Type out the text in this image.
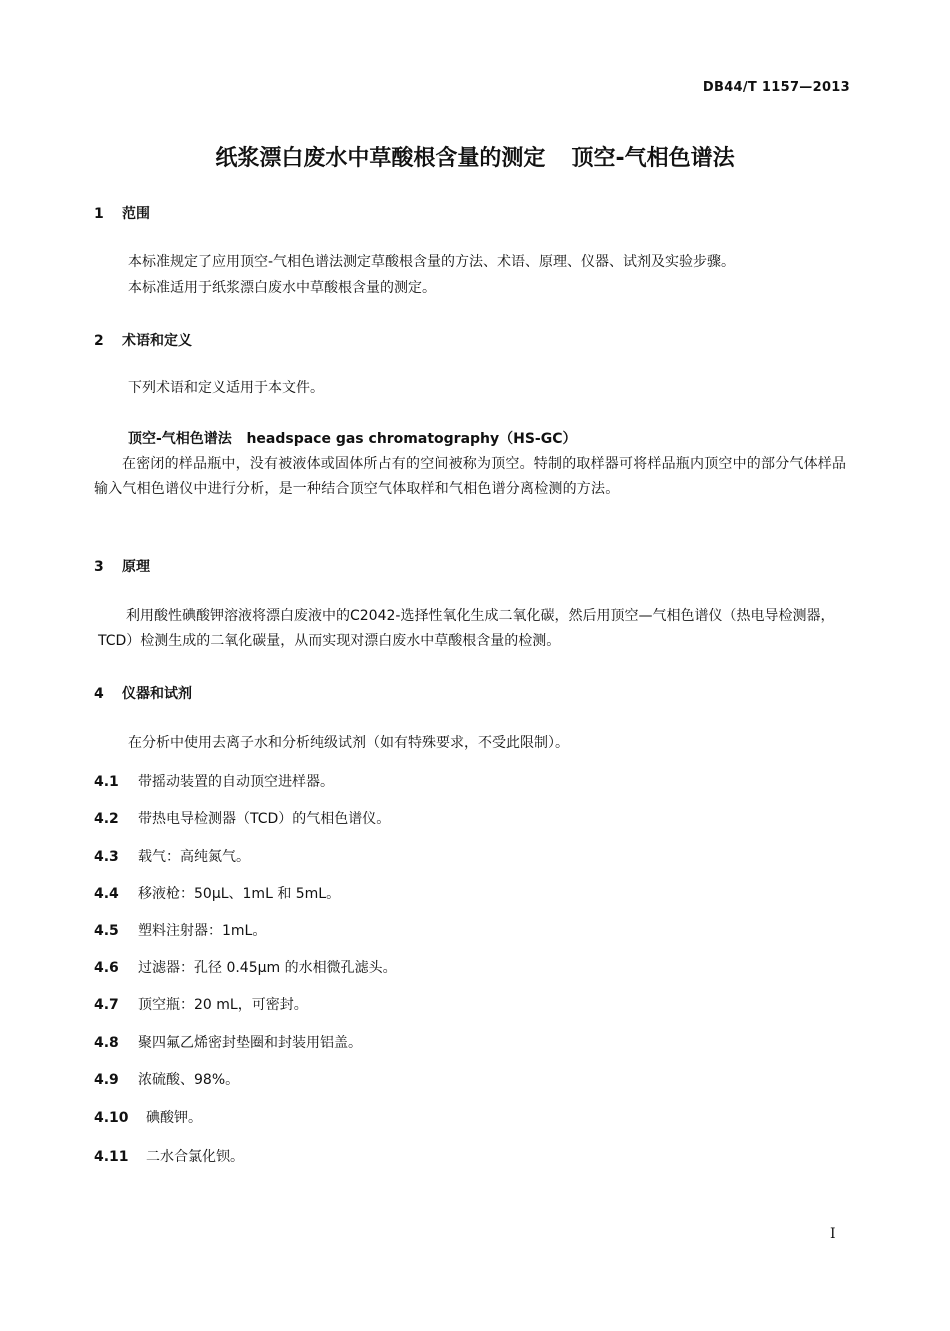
DB44/T 1157—2013
纸浆漂白废水中草酸根含量的测定 顶空-气相色谱法
1 范围
本标准规定了应用顶空-气相色谱法测定草酸根含量的方法、术语、原理、仪器、试剂及实验步骤。
本标准适用于纸浆漂白废水中草酸根含量的测定。
2 术语和定义
下列术语和定义适用于本文件。
顶空-气相色谱法 headspace gas chromatography（HS-GC）
在密闭的样品瓶中，没有被液体或固体所占有的空间被称为顶空。特制的取样器可将样品瓶内顶空中的部分气体样品输入气相色谱仪中进行分析，是一种结合顶空气体取样和气相色谱分离检测的方法。
3 原理
利用酸性碘酸钾溶液将漂白废液中的C2042-选择性氧化生成二氧化碳，然后用顶空—气相色谱仪（热电导检测器，TCD）检测生成的二氧化碳量，从而实现对漂白废水中草酸根含量的检测。
4 仪器和试剂
在分析中使用去离子水和分析纯级试剂（如有特殊要求，不受此限制）。
4.1 带摇动装置的自动顶空进样器。
4.2 带热电导检测器（TCD）的气相色谱仪。
4.3 载气：高纯氮气。
4.4 移液枪：50μL、1mL 和 5mL。
4.5 塑料注射器：1mL。
4.6 过滤器：孔径 0.45μm 的水相微孔滤头。
4.7 顶空瓶：20 mL，可密封。
4.8 聚四氟乙烯密封垫圈和封装用铝盖。
4.9 浓硫酸、98%。
4.10 碘酸钾。
4.11 二水合氯化钡。
I
